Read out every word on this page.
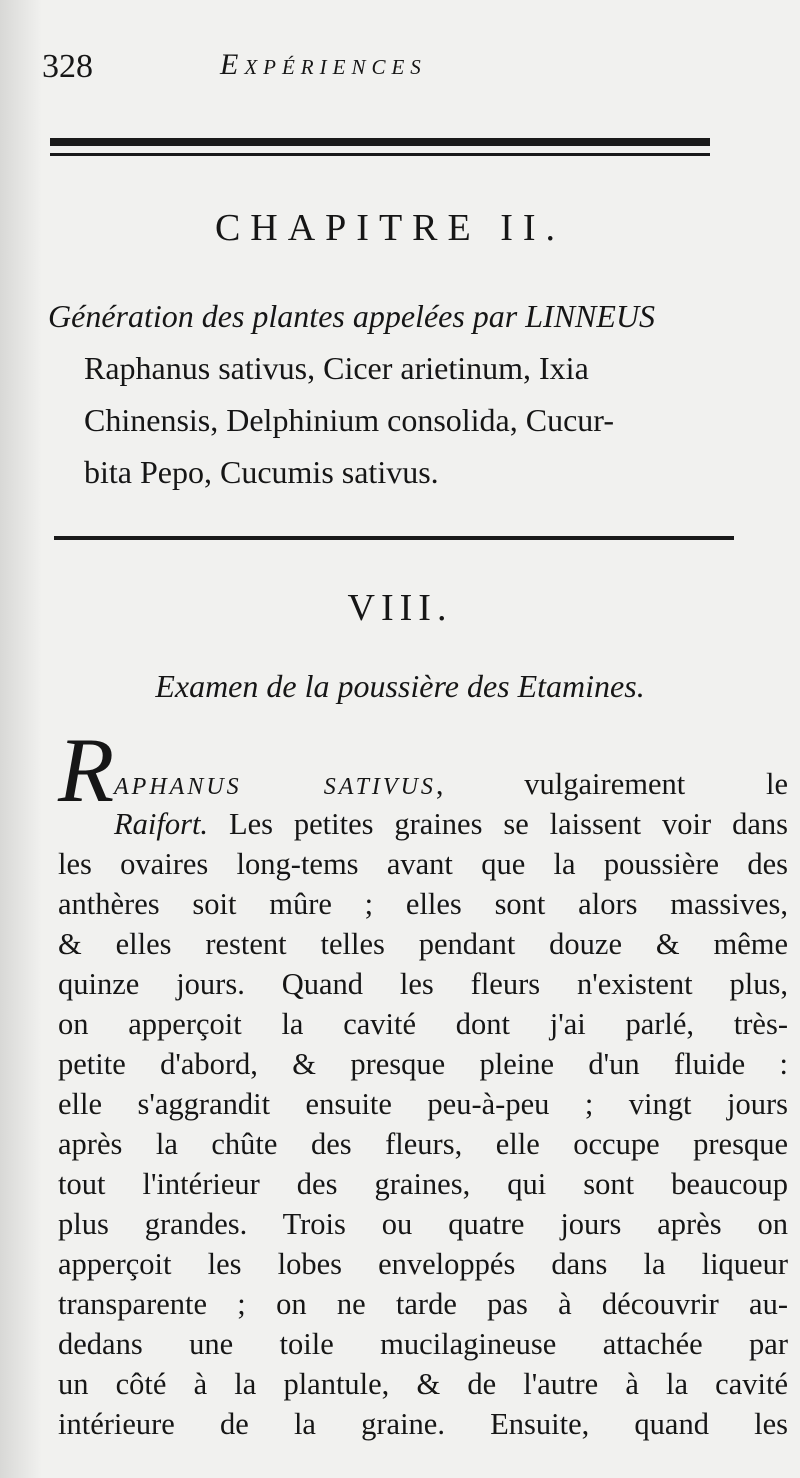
328	Expériences
CHAPITRE II.
Génération des plantes appelées par LINNEUS
Raphanus sativus, Cicer arietinum, Ixia
Chinensis, Delphinium consolida, Cucur-
bita Pepo, Cucumis sativus.
VIII.
Examen de la poussière des Etamines.
R APHANUS SATIVUS, vulgairement le
Raifort. Les petites graines se laissent voir dans
les ovaires long-tems avant que la poussière des
anthères soit mûre ; elles sont alors massives,
& elles restent telles pendant douze & même
quinze jours. Quand les fleurs n'existent plus,
on apperçoit la cavité dont j'ai parlé, très-
petite d'abord, & presque pleine d'un fluide :
elle s'aggrandit ensuite peu-à-peu ; vingt jours
après la chûte des fleurs, elle occupe presque
tout l'intérieur des graines, qui sont beaucoup
plus grandes. Trois ou quatre jours après on
apperçoit les lobes enveloppés dans la liqueur
transparente ; on ne tarde pas à découvrir au-
dedans une toile mucilagineuse attachée par
un côté à la plantule, & de l'autre à la cavité
intérieure de la graine. Ensuite, quand les
